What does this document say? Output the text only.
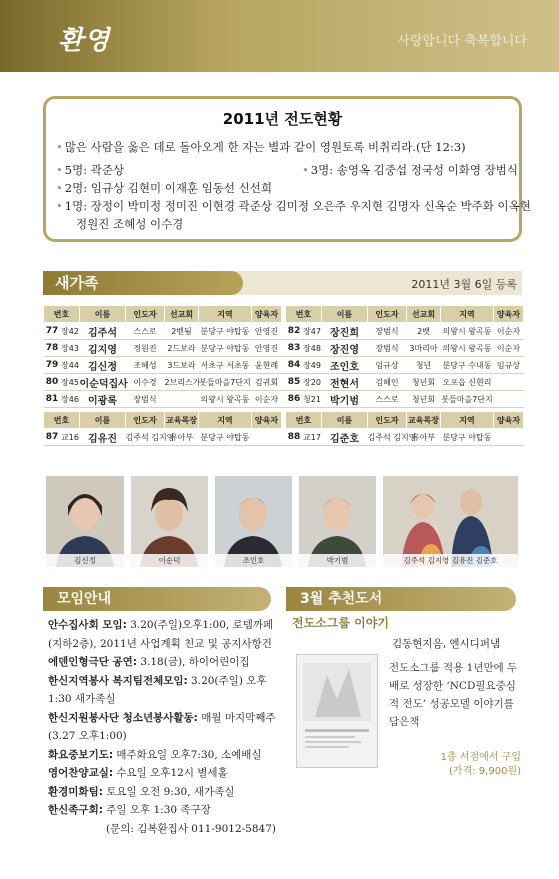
환영	사랑합니다 축복합니다
2011년 전도현황
• 많은 사람을 옳은 데로 돌아오게 한 자는 별과 같이 영원토록 비취리라.(단 12:3)
• 5명: 곽준상	• 3명: 송영옥 김중섭 정국성 이화영 장범식
• 2명: 임규상 김현미 이재훈 임동선 신선희
• 1명: 장정이 박미정 정미진 이현경 곽준상 김미정 오은주 우지현 김명자 신옥순 박주화 이옥현
정원진 조혜성 이수경
새가족	2011년 3월 6일 등록
번호		이름	인도자	선교회	지역	양육자		번호		이름	인도자	선교회	지역	양육자
77	장42	김주석	스스로	2벧됨	분당구 야탑동	안영진		82	장47	장진희	장범식	2뱃	의왕시 왕곡동	이순자
78	장43	김지영	정원진	2드보라	분당구 야탑동	안영진		83	장48	장진영	장범식	3마리아	의왕시 왕곡동	이순자
79	장44	김신정	조혜성	3드보라	서초구 서초동	윤현례		84	장49	조인호	임규상	청년	분당구 수내동	임규상
80	장45	이순덕집사	이수경	2브리스가	봇들마을7단지	김귀회		85	장20	전현서	김혜인	청년회	오포읍 신현리	
81	장46	이광록	장범식		의왕시 왕곡동	이순자		86	청21	박기범	스스로	청년회	봇들마을7단지	

번호		이름	인도자	교육목장	지역	양육자		번호		이름	인도자	교육목장	지역	양육자
87	교16	김유진	김주석 김지영	유아부	분당구 야탑동			88	교17	김준호	김주석 김지영	유아부	분당구 야탑동	
김신정	이순덕	조인호	박기범	김주석 김지영 김유진 김준호
모임안내	3월 추천도서
안수집사회 모임: 3.20(주일)오후1:00, 로뎀까페
(지하2층), 2011년 사업계획 친교 및 공지사항건
에덴인형극단 공연: 3.18(금), 하이어린이집
한신지역봉사 복지팀전체모임: 3.20(주일) 오후
1:30 새가족실
한신지원봉사단 청소년봉사활동: 매월 마지막째주
(3.27 오후1:00)
화요중보기도: 매주화요일 오후7:30, 소예배실
영어찬양교실: 수요일 오후12시 별세홀
환경미화팀: 토요일 오전 9:30, 새가족실
한신족구회: 주일 오후 1:30 족구장
(문의: 김복환집사 011-9012-5847)
전도소그룹 이야기
김동현지음, 엔시디퍼냄
전도소그룹 적용 1년만에 두배로 성장한 ‘NCD필요중심적 전도’ 성공모델 이야기를 담은책
1층 서점에서 구입
(가격: 9,900원)
